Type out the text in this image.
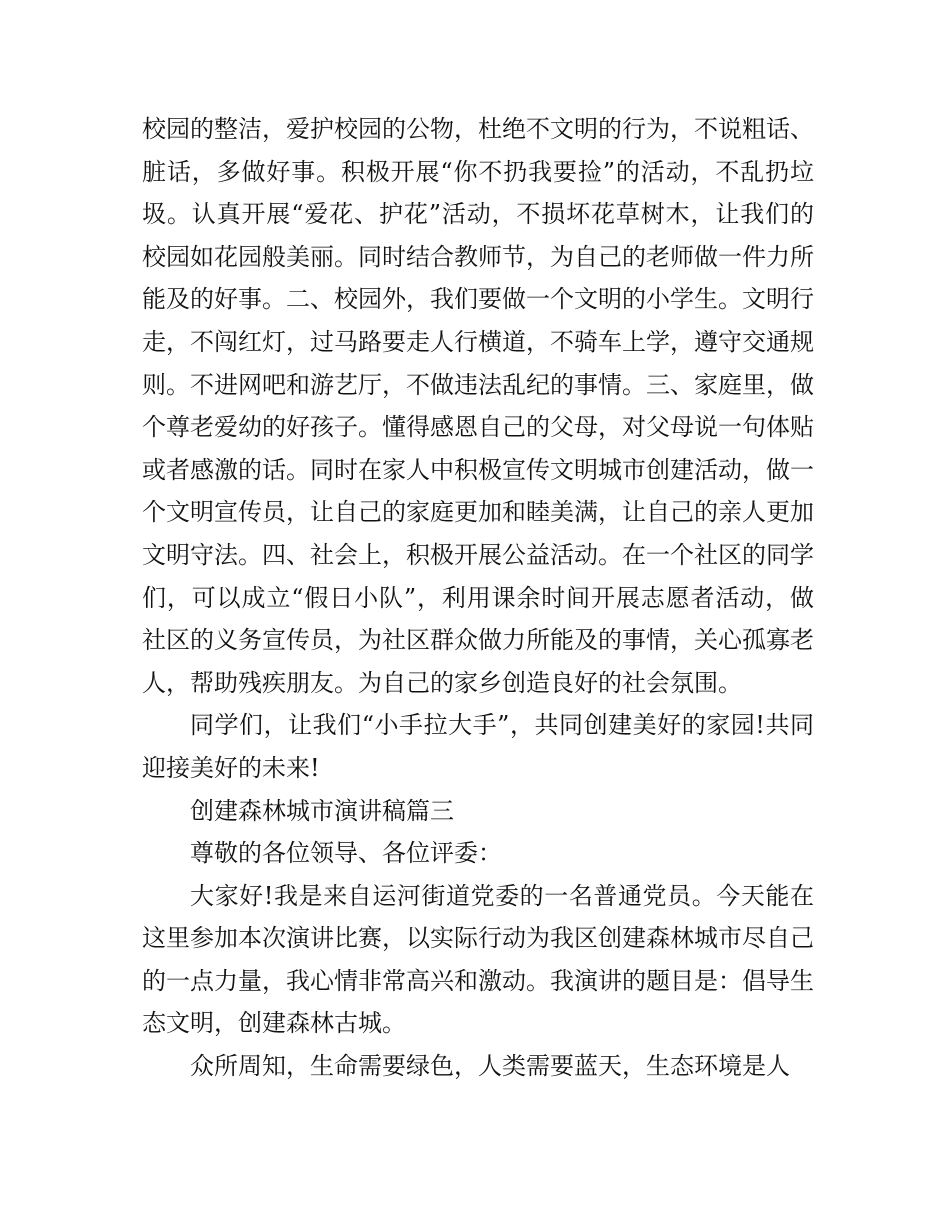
校园的整洁，爱护校园的公物，杜绝不文明的行为，不说粗话、脏话，多做好事。积极开展“你不扔我要捡”的活动，不乱扔垃圾。认真开展“爱花、护花”活动，不损坏花草树木，让我们的校园如花园般美丽。同时结合教师节，为自己的老师做一件力所能及的好事。二、校园外，我们要做一个文明的小学生。文明行走，不闯红灯，过马路要走人行横道，不骑车上学，遵守交通规则。不进网吧和游艺厅，不做违法乱纪的事情。三、家庭里，做个尊老爱幼的好孩子。懂得感恩自己的父母，对父母说一句体贴或者感激的话。同时在家人中积极宣传文明城市创建活动，做一个文明宣传员，让自己的家庭更加和睦美满，让自己的亲人更加文明守法。四、社会上，积极开展公益活动。在一个社区的同学们，可以成立“假日小队”，利用课余时间开展志愿者活动，做社区的义务宣传员，为社区群众做力所能及的事情，关心孤寡老人，帮助残疾朋友。为自己的家乡创造良好的社会氛围。

同学们，让我们“小手拉大手”，共同创建美好的家园!共同迎接美好的未来!

创建森林城市演讲稿篇三

尊敬的各位领导、各位评委：

大家好!我是来自运河街道党委的一名普通党员。今天能在这里参加本次演讲比赛，以实际行动为我区创建森林城市尽自己的一点力量，我心情非常高兴和激动。我演讲的题目是：倡导生态文明，创建森林古城。

众所周知，生命需要绿色，人类需要蓝天，生态环境是人
